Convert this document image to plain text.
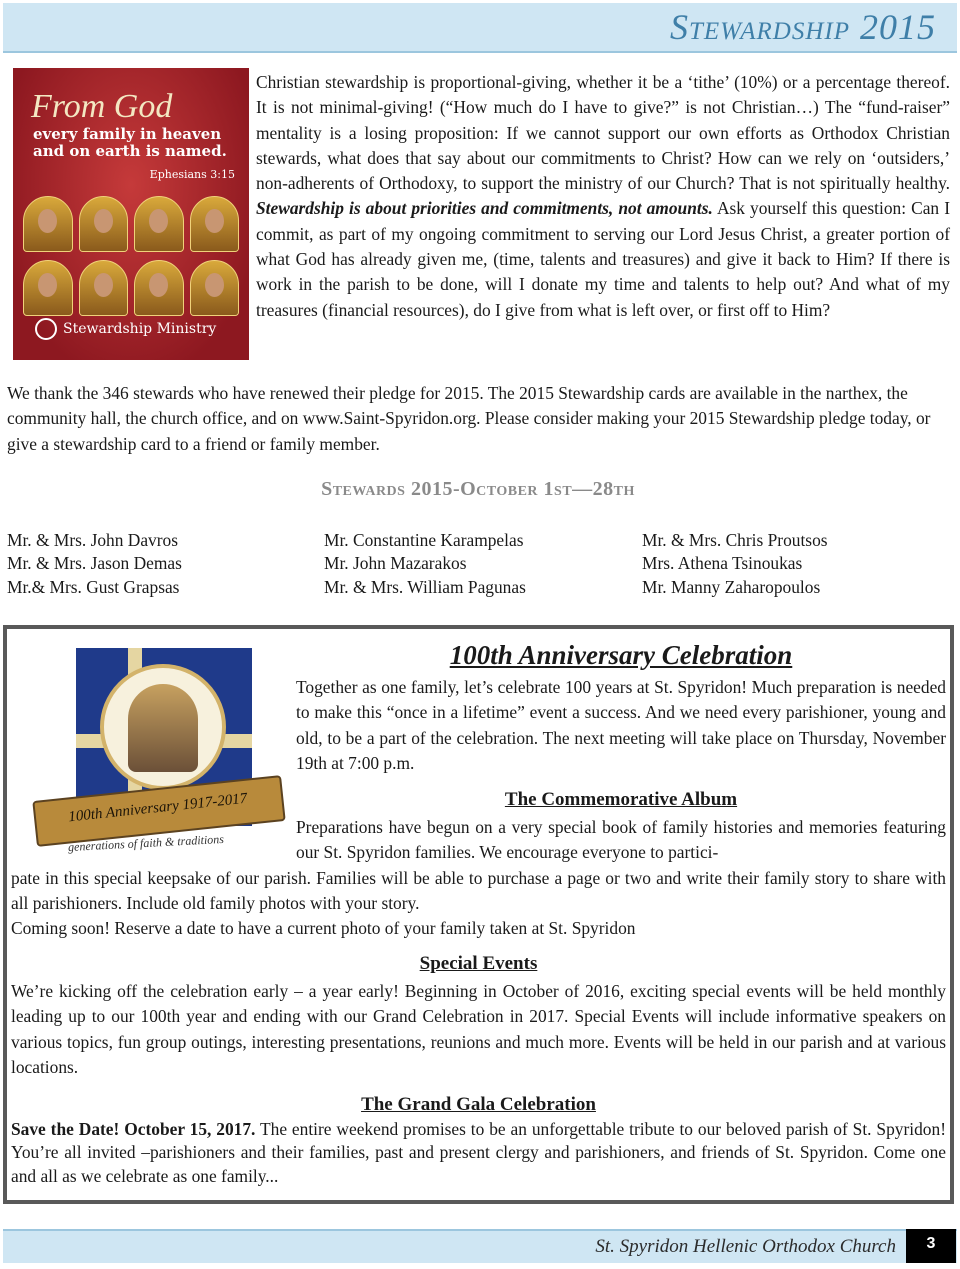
Stewardship 2015
From God
every family in heaven and on earth is named.
Ephesians 3:15
Stewardship Ministry
Christian stewardship is proportional-giving, whether it be a ‘tithe’ (10%) or a percentage thereof. It is not minimal-giving! (“How much do I have to give?” is not Christian…) The “fund-raiser” mentality is a losing proposition: If we cannot support our own efforts as Orthodox Christian stewards, what does that say about our commitments to Christ? How can we rely on ‘outsiders,’ non-adherents of Orthodoxy, to support the ministry of our Church? That is not spiritually healthy. Stewardship is about priorities and commitments, not amounts. Ask yourself this question: Can I commit, as part of my ongoing commitment to serving our Lord Jesus Christ, a greater portion of what God has already given me, (time, talents and treasures) and give it back to Him? If there is work in the parish to be done, will I donate my time and talents to help out? And what of my treasures (financial resources), do I give from what is left over, or first off to Him?
We thank the 346 stewards who have renewed their pledge for 2015. The 2015 Stewardship cards are available in the narthex, the community hall, the church office, and on www.Saint-Spyridon.org. Please consider making your 2015 Stewardship pledge today, or give a stewardship card to a friend or family member.
Stewards 2015-October 1st—28th
Mr. & Mrs. John Davros	Mr. Constantine Karampelas	Mr. & Mrs. Chris Proutsos
Mr. & Mrs. Jason Demas	Mr. John Mazarakos	Mrs. Athena Tsinoukas
Mr.& Mrs. Gust Grapsas	Mr. & Mrs. William Pagunas	Mr. Manny Zaharopoulos
100th Anniversary 1917-2017
generations of faith & traditions
100th Anniversary Celebration
Together as one family, let’s celebrate 100 years at St. Spyridon! Much preparation is needed to make this “once in a lifetime” event a success. And we need every parishioner, young and old, to be a part of the celebration. The next meeting will take place on Thursday, November 19th at 7:00 p.m.
The Commemorative Album
Preparations have begun on a very special book of family histories and memories featuring our St. Spyridon families. We encourage everyone to partici-
pate in this special keepsake of our parish. Families will be able to purchase a page or two and write their family story to share with all parishioners. Include old family photos with your story.
Coming soon! Reserve a date to have a current photo of your family taken at St. Spyridon
Special Events
We’re kicking off the celebration early – a year early! Beginning in October of 2016, exciting special events will be held monthly leading up to our 100th year and ending with our Grand Celebration in 2017. Special Events will include informative speakers on various topics, fun group outings, interesting presentations, reunions and much more. Events will be held in our parish and at various locations.
The Grand Gala Celebration
Save the Date! October 15, 2017. The entire weekend promises to be an unforgettable tribute to our beloved parish of St. Spyridon! You’re all invited –parishioners and their families, past and present clergy and parishioners, and friends of St. Spyridon. Come one and all as we celebrate as one family...
St. Spyridon Hellenic Orthodox Church	3
